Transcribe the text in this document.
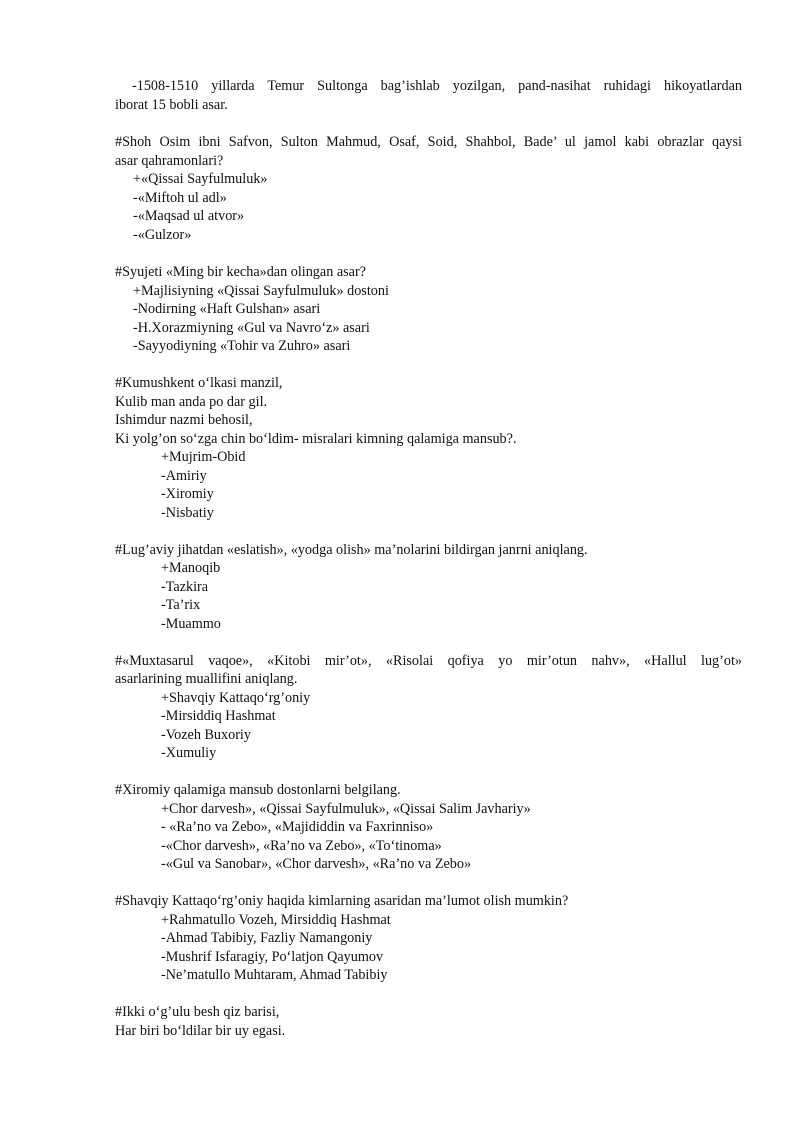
-1508-1510 yillarda Temur Sultonga bag’ishlab yozilgan, pand-nasihat ruhidagi hikoyatlardan
iborat 15 bobli asar.
#Shoh Osim ibni Safvon, Sulton Mahmud, Osaf, Soid, Shahbol, Bade’ ul jamol kabi obrazlar qaysi
asar qahramonlari?
+«Qissai Sayfulmuluk»
-«Miftoh ul adl»
-«Maqsad ul atvor»
-«Gulzor»
#Syujeti «Ming bir kecha»dan olingan asar?
+Majlisiyning «Qissai Sayfulmuluk» dostoni
-Nodirning «Haft Gulshan» asari
-H.Xorazmiyning «Gul va Navro‘z» asari
-Sayyodiyning «Tohir va Zuhro» asari
#Kumushkent o‘lkasi manzil,
Kulib man anda po dar gil.
Ishimdur nazmi behosil,
Ki yolg’on so‘zga chin bo‘ldim- misralari kimning qalamiga mansub?.
+Mujrim-Obid
-Amiriy
-Xiromiy
-Nisbatiy
#Lug’aviy jihatdan «eslatish», «yodga olish» ma’nolarini bildirgan janrni aniqlang.
+Manoqib
-Tazkira
-Ta’rix
-Muammo
#«Muxtasarul vaqoe», «Kitobi mir’ot», «Risolai qofiya yo mir’otun nahv», «Hallul lug’ot»
asarlarining muallifini aniqlang.
+Shavqiy Kattaqo‘rg’oniy
-Mirsiddiq Hashmat
-Vozeh Buxoriy
-Xumuliy
#Xiromiy qalamiga mansub dostonlarni belgilang.
+Chor darvesh», «Qissai Sayfulmuluk», «Qissai Salim Javhariy»
- «Ra’no va Zebo», «Majididdin va Faxrinniso»
-«Chor darvesh», «Ra’no va Zebo», «To‘tinoma»
-«Gul va Sanobar», «Chor darvesh», «Ra’no va Zebo»
#Shavqiy Kattaqo‘rg’oniy haqida kimlarning asaridan ma’lumot olish mumkin?
+Rahmatullo Vozeh, Mirsiddiq Hashmat
-Ahmad Tabibiy, Fazliy Namangoniy
-Mushrif Isfaragiy, Po‘latjon Qayumov
-Ne’matullo Muhtaram, Ahmad Tabibiy
#Ikki o‘g’ulu besh qiz barisi,
Har biri bo‘ldilar bir uy egasi.
